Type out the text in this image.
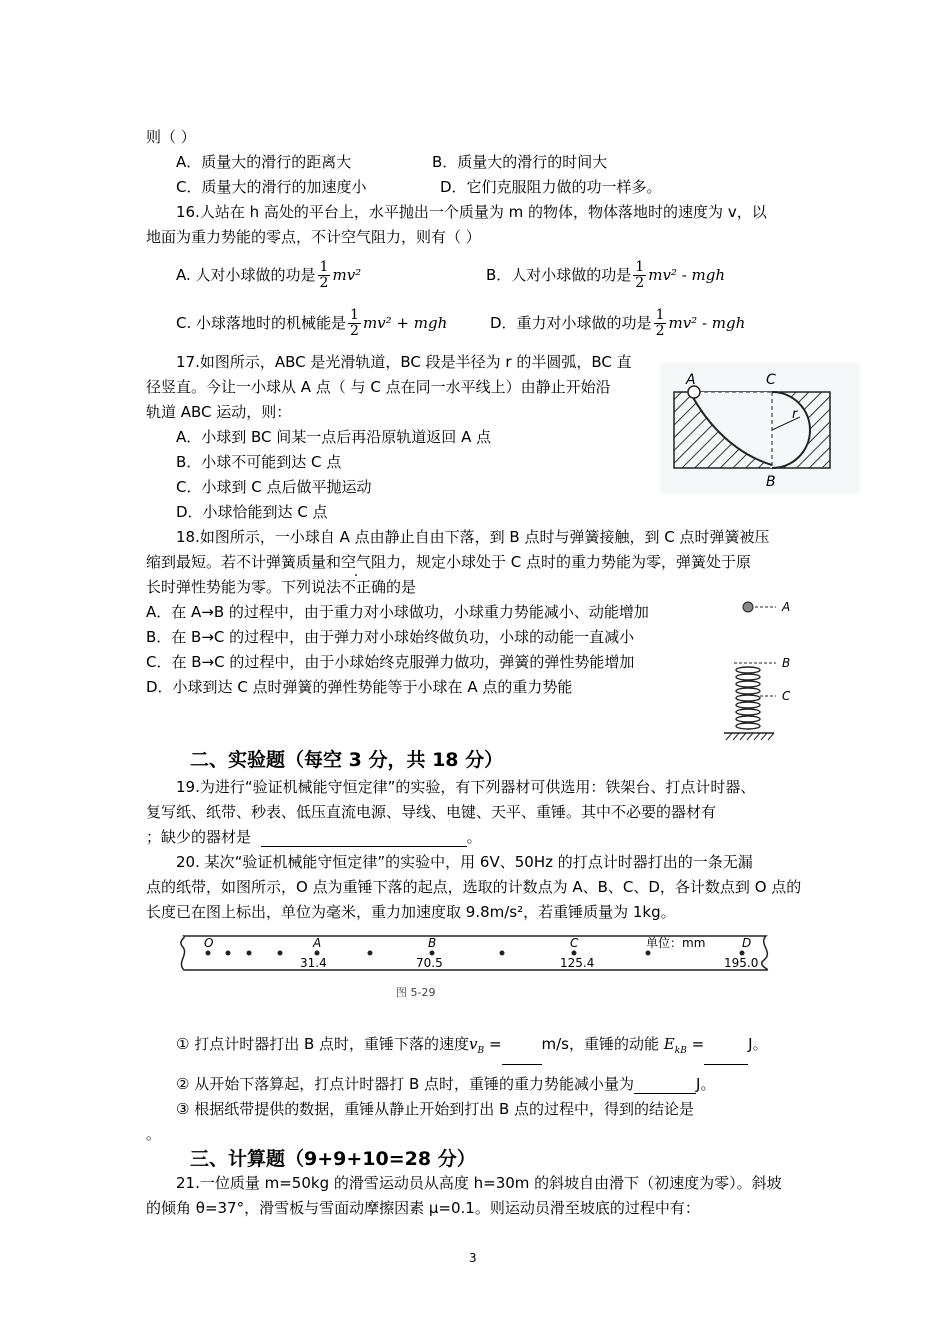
则（ ）
A．质量大的滑行的距离大	B．质量大的滑行的时间大
C．质量大的滑行的加速度小	D．它们克服阻力做的功一样多。
16.人站在 h 高处的平台上，水平抛出一个质量为 m 的物体，物体落地时的速度为 v，以
地面为重力势能的零点，不计空气阻力，则有（ ）
A. 人对小球做的功是 $\frac{1}{2} mv^2$	B．人对小球做的功是 $\frac{1}{2} mv^2$ - mgh
C. 小球落地时的机械能是 $\frac{1}{2} mv^2$ + mgh	D．重力对小球做的功是 $\frac{1}{2} mv^2$ - mgh
17.如图所示，ABC 是光滑轨道，BC 段是半径为 r 的半圆弧，BC 直
径竖直。今让一小球从 A 点（ 与 C 点在同一水平线上）由静止开始沿
轨道 ABC 运动，则：
A．小球到 BC 间某一点后再沿原轨道返回 A 点
B．小球不可能到达 C 点
C．小球到 C 点后做平抛运动
D．小球恰能到达 C 点
A	C
B
r
18.如图所示，一小球自 A 点由静止自由下落，到 B 点时与弹簧接触，到 C 点时弹簧被压
缩到最短。若不计弹簧质量和空气阻力，规定小球处于 C 点时的重力势能为零，弹簧处于原
长时弹性势能为零。下列说法不正确的是
A．在 A→B 的过程中，由于重力对小球做功，小球重力势能减小、动能增加
B．在 B→C 的过程中，由于弹力对小球始终做负功，小球的动能一直减小
C．在 B→C 的过程中，由于小球始终克服弹力做功，弹簧的弹性势能增加
D．小球到达 C 点时弹簧的弹性势能等于小球在 A 点的重力势能
A
B
C
二、实验题（每空 3 分，共 18 分）
19.为进行“验证机械能守恒定律”的实验，有下列器材可供选用：铁架台、打点计时器、
复写纸、纸带、秒表、低压直流电源、导线、电键、天平、重锤。其中不必要的器材有
；缺少的器材是	。
20. 某次“验证机械能守恒定律”的实验中，用 6V、50Hz 的打点计时器打出的一条无漏
点的纸带，如图所示，O 点为重锤下落的起点，选取的计数点为 A、B、C、D，各计数点到 O 点的
长度已在图上标出，单位为毫米，重力加速度取 9.8m/s²，若重锤质量为 1kg。
O	A	B	C	D
单位：mm
31.4	70.5	125.4	195.0
图 5-29
① 打点计时器打出 B 点时，重锤下落的速度$v_B$ =	m/s，重锤的动能 $E_{kB}$ =	J。
② 从开始下落算起，打点计时器打 B 点时，重锤的重力势能减小量为	J。
③ 根据纸带提供的数据，重锤从静止开始到打出 B 点的过程中，得到的结论是
。
三、计算题（9+9+10=28 分）
21.一位质量 m=50kg 的滑雪运动员从高度 h=30m 的斜坡自由滑下（初速度为零）。斜坡
的倾角 θ=37°，滑雪板与雪面动摩擦因素 μ=0.1。则运动员滑至坡底的过程中有：
3
